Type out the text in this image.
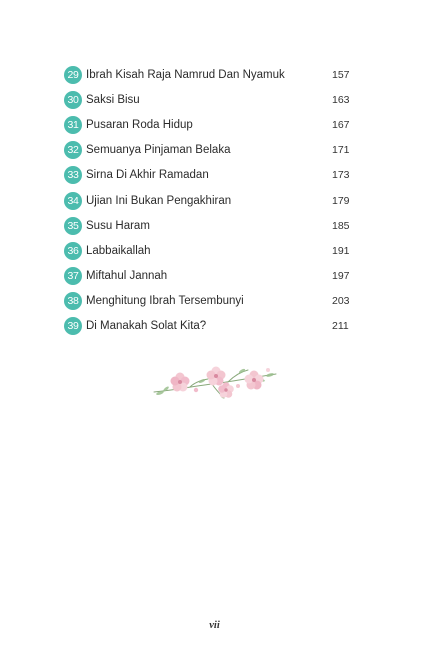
29 Ibrah Kisah Raja Namrud Dan Nyamuk	157
30 Saksi Bisu	163
31 Pusaran Roda Hidup	167
32 Semuanya Pinjaman Belaka	171
33 Sirna Di Akhir Ramadan	173
34 Ujian Ini Bukan Pengakhiran	179
35 Susu Haram	185
36 Labbaikallah	191
37 Miftahul Jannah	197
38 Menghitung Ibrah Tersembunyi	203
39 Di Manakah Solat Kita?	211
vii
